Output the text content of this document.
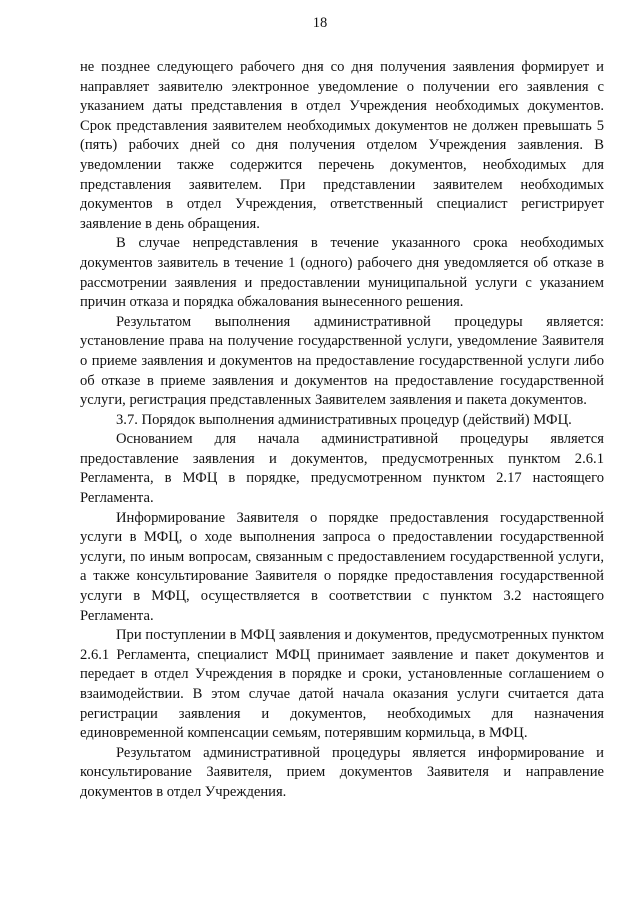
18

не позднее следующего рабочего дня со дня получения заявления формирует и направляет заявителю электронное уведомление о получении его заявления с указанием даты представления в отдел Учреждения необходимых документов. Срок представления заявителем необходимых документов не должен превышать 5 (пять) рабочих дней со дня получения отделом Учреждения заявления. В уведомлении также содержится перечень документов, необходимых для представления заявителем. При представлении заявителем необходимых документов в отдел Учреждения, ответственный специалист регистрирует заявление в день обращения.

В случае непредставления в течение указанного срока необходимых документов заявитель в течение 1 (одного) рабочего дня уведомляется об отказе в рассмотрении заявления и предоставлении муниципальной услуги с указанием причин отказа и порядка обжалования вынесенного решения.

Результатом выполнения административной процедуры является: установление права на получение государственной услуги, уведомление Заявителя о приеме заявления и документов на предоставление государственной услуги либо об отказе в приеме заявления и документов на предоставление государственной услуги, регистрация представленных Заявителем заявления и пакета документов.

3.7. Порядок выполнения административных процедур (действий) МФЦ.

Основанием для начала административной процедуры является предоставление заявления и документов, предусмотренных пунктом 2.6.1 Регламента, в МФЦ в порядке, предусмотренном пунктом 2.17 настоящего Регламента.

Информирование Заявителя о порядке предоставления государственной услуги в МФЦ, о ходе выполнения запроса о предоставлении государственной услуги, по иным вопросам, связанным с предоставлением государственной услуги, а также консультирование Заявителя о порядке предоставления государственной услуги в МФЦ, осуществляется в соответствии с пунктом 3.2 настоящего Регламента.

При поступлении в МФЦ заявления и документов, предусмотренных пунктом 2.6.1 Регламента, специалист МФЦ принимает заявление и пакет документов и передает в отдел Учреждения в порядке и сроки, установленные соглашением о взаимодействии. В этом случае датой начала оказания услуги считается дата регистрации заявления и документов, необходимых для назначения единовременной компенсации семьям, потерявшим кормильца, в МФЦ.

Результатом административной процедуры является информирование и консультирование Заявителя, прием документов Заявителя и направление документов в отдел Учреждения.
